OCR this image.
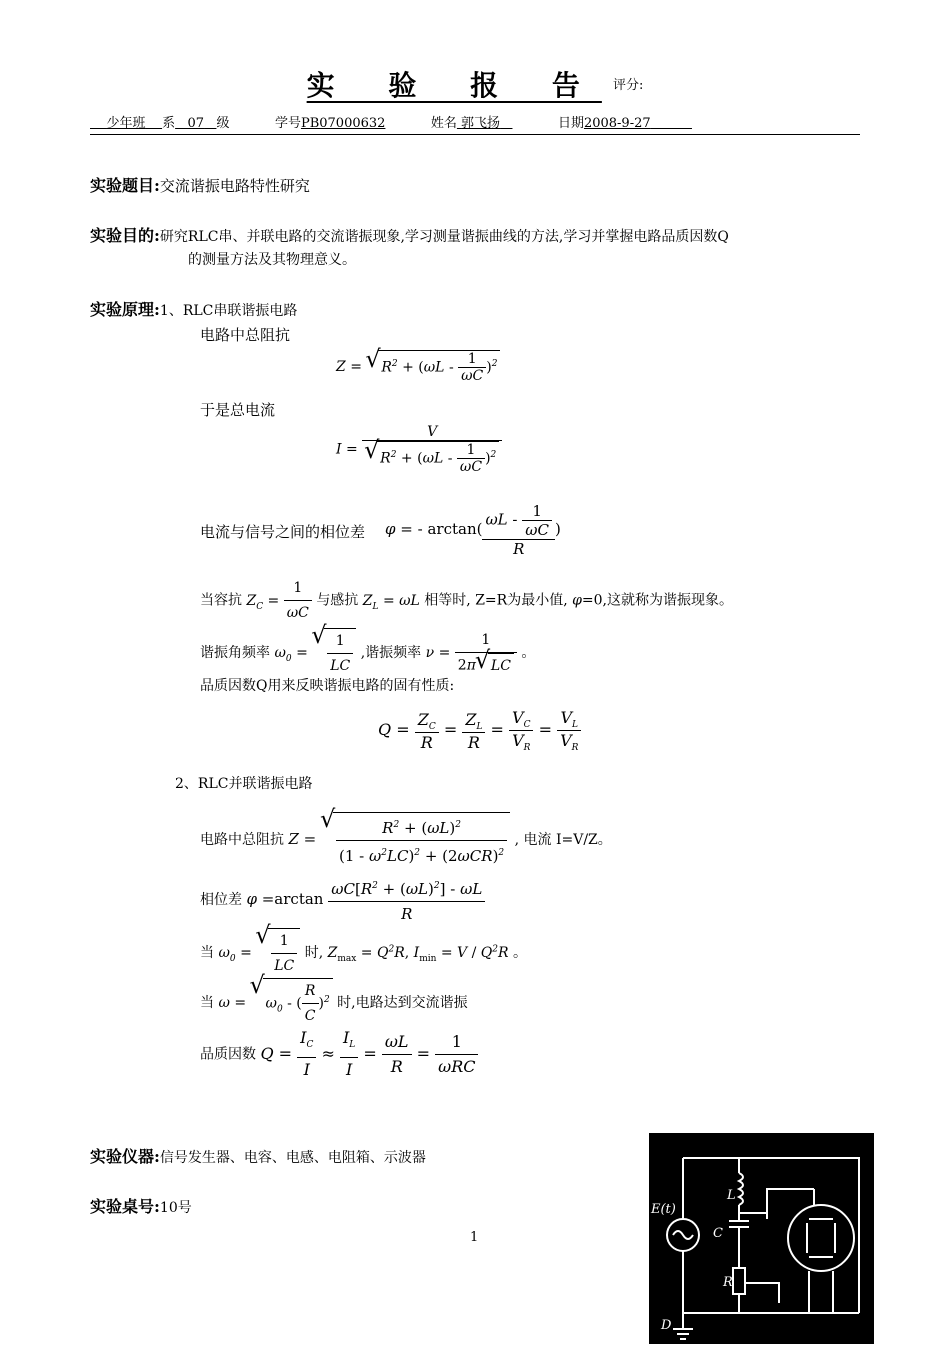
实 验 报 告 $^{评分:}$
少年班 系 07 级	学号PB07000632	姓名 郭飞扬	日期2008-9-27
实验题目:交流谐振电路特性研究
实验目的:研究RLC串、并联电路的交流谐振现象,学习测量谐振曲线的方法,学习并掌握电路品质因数Q
的测量方法及其物理意义。
实验原理:1、RLC串联谐振电路
电路中总阻抗
Z = √ $R^2 + (\omega L - \frac{1}{\omega C} )^2$
于是总电流
I = V
√ $R^2 + (\omega L - \frac{1}{\omega C} )^2$
电流与信号之间的相位差 φ = - $\arctan( \frac{\omega L - \frac{1}{\omega C}}{R}$ )
当容抗 $Z_C = \frac{1}{\omega C}$ 与感抗 $Z_L = \omega L$ 相等时, Z=R为最小值, φ=0,这就称为谐振现象。
谐振角频率 $\omega_0$ = √ $\frac{1}{LC}$ ,谐振频率 $\nu = \frac{1}{2\pi √ LC}$ 。
品质因数Q用来反映谐振电路的固有性质:
$Q = \frac{Z_C}{R} = \frac{Z_L}{R} = \frac{V_C}{V_R} = \frac{V_L}{V_R}$
2、RLC并联谐振电路
电路中总阻抗 Z = √ $\frac{R^2 + (\omega L)^2}{(1 - \omega^2LC)^2 + (2\omega CR)^2}$ , 电流 I=V/Z。
相位差 $\varphi =\arctan \frac{\omega C[R^2 + (\omega L)^2] - \omega L}{R}$
当 $\omega_0$ = √ $\frac{1}{LC}$ 时, $Z_{max} = Q^2R$, $I_{min} = V / Q^2R$ 。
当 ω = √ $\omega_0$ - ( $\frac{R}{C} )^2$ 时,电路达到交流谐振
品质因数 $Q = \frac{I_C}{I} \approx \frac{I_L}{I} = \frac{\omega L}{R} = \frac{1}{\text{ωRC}}$
实验仪器:信号发生器、电容、电感、电阻箱、示波器
实验桌号:10号
1
E(t)
L
C
R
D
